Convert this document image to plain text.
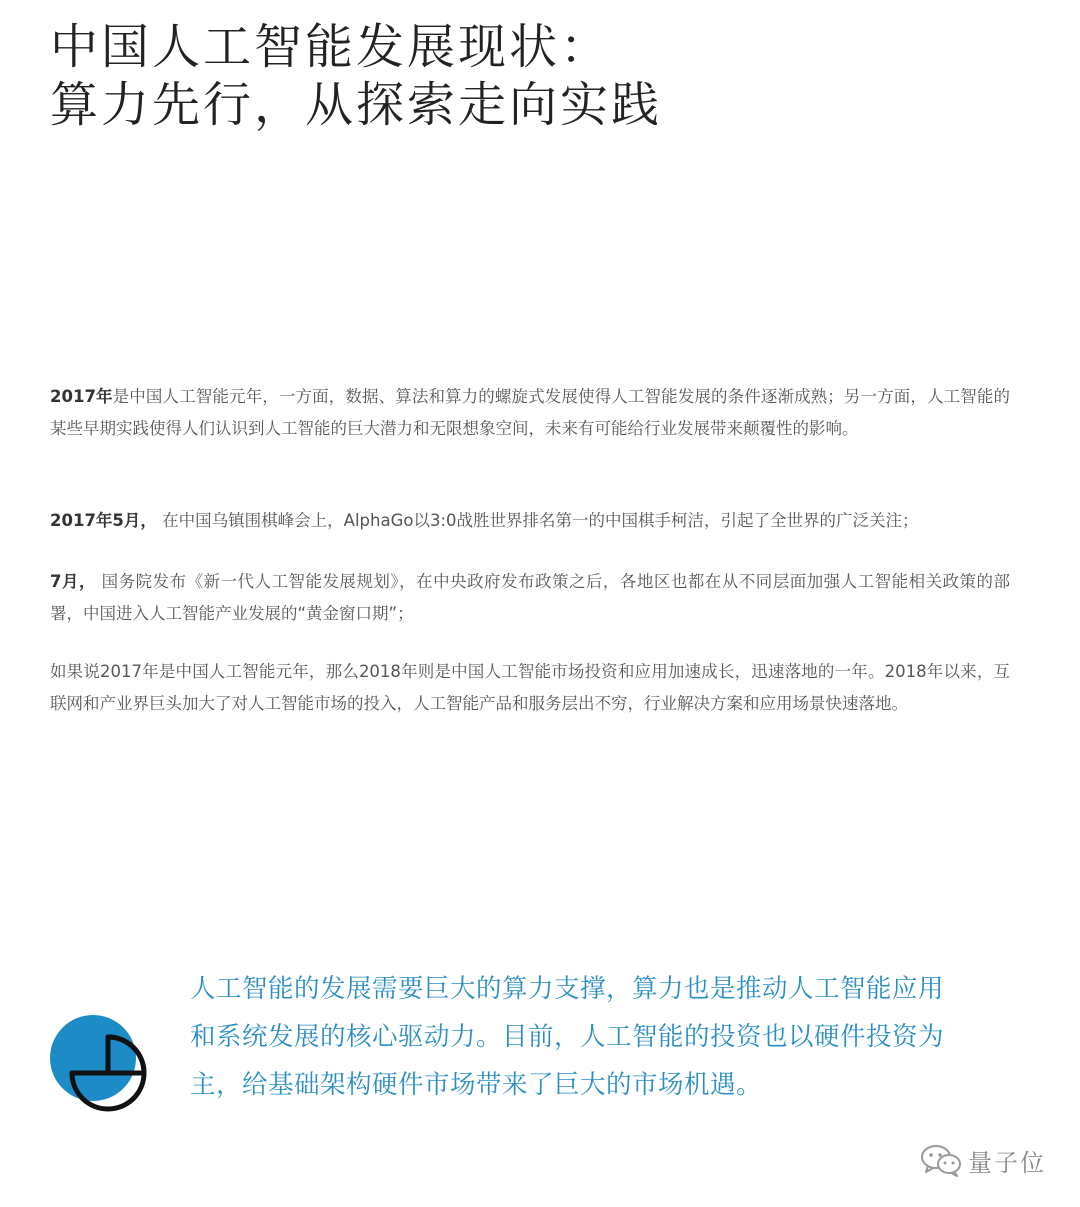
中国人工智能发展现状：
算力先行，从探索走向实践

2017年是中国人工智能元年，一方面，数据、算法和算力的螺旋式发展使得人工智能发展的条件逐渐成熟；另一方面，人工智能的某些早期实践使得人们认识到人工智能的巨大潜力和无限想象空间，未来有可能给行业发展带来颠覆性的影响。

2017年5月， 在中国乌镇围棋峰会上，AlphaGo以3:0战胜世界排名第一的中国棋手柯洁，引起了全世界的广泛关注；

7月， 国务院发布《新一代人工智能发展规划》，在中央政府发布政策之后，各地区也都在从不同层面加强人工智能相关政策的部署，中国进入人工智能产业发展的“黄金窗口期”；

如果说2017年是中国人工智能元年，那么2018年则是中国人工智能市场投资和应用加速成长，迅速落地的一年。2018年以来，互联网和产业界巨头加大了对人工智能市场的投入，人工智能产品和服务层出不穷，行业解决方案和应用场景快速落地。

人工智能的发展需要巨大的算力支撑，算力也是推动人工智能应用
和系统发展的核心驱动力。目前，人工智能的投资也以硬件投资为
主，给基础架构硬件市场带来了巨大的市场机遇。

量子位
